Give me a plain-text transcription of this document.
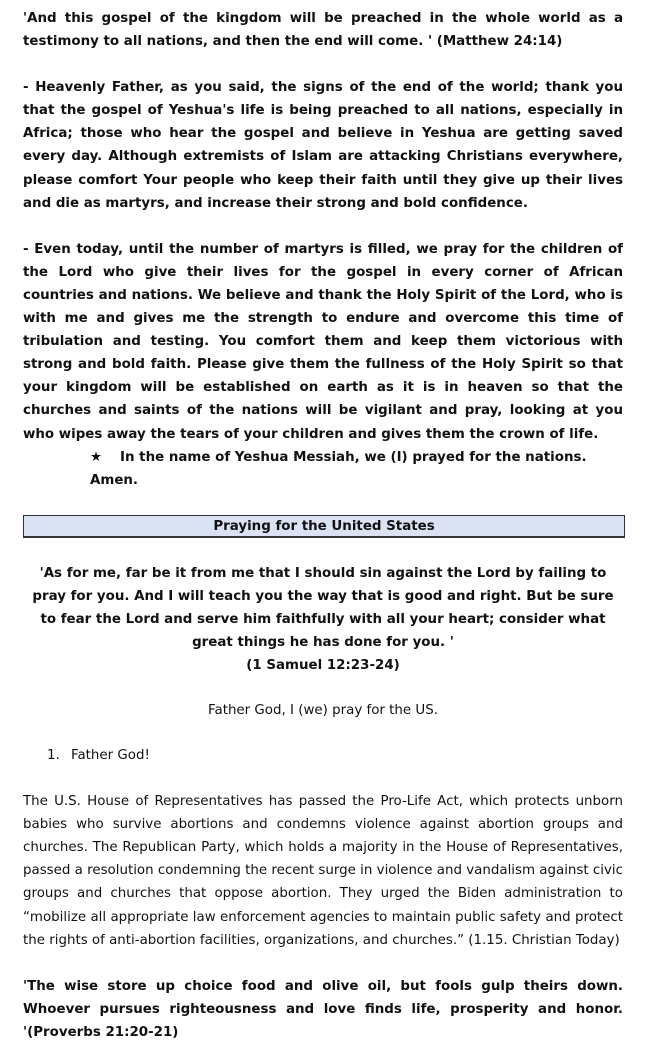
'And this gospel of the kingdom will be preached in the whole world as a testimony to all nations, and then the end will come. ' (Matthew 24:14)

- Heavenly Father, as you said, the signs of the end of the world; thank you that the gospel of Yeshua's life is being preached to all nations, especially in Africa; those who hear the gospel and believe in Yeshua are getting saved every day. Although extremists of Islam are attacking Christians everywhere, please comfort Your people who keep their faith until they give up their lives and die as martyrs, and increase their strong and bold confidence.

- Even today, until the number of martyrs is filled, we pray for the children of the Lord who give their lives for the gospel in every corner of African countries and nations. We believe and thank the Holy Spirit of the Lord, who is with me and gives me the strength to endure and overcome this time of tribulation and testing. You comfort them and keep them victorious with strong and bold faith. Please give them the fullness of the Holy Spirit so that your kingdom will be established on earth as it is in heaven so that the churches and saints of the nations will be vigilant and pray, looking at you who wipes away the tears of your children and gives them the crown of life.

★ In the name of Yeshua Messiah, we (I) prayed for the nations. Amen.

Praying for the United States

'As for me, far be it from me that I should sin against the Lord by failing to pray for you. And I will teach you the way that is good and right. But be sure to fear the Lord and serve him faithfully with all your heart; consider what great things he has done for you. '
(1 Samuel 12:23-24)

Father God, I (we) pray for the US.

1. Father God!

The U.S. House of Representatives has passed the Pro-Life Act, which protects unborn babies who survive abortions and condemns violence against abortion groups and churches. The Republican Party, which holds a majority in the House of Representatives, passed a resolution condemning the recent surge in violence and vandalism against civic groups and churches that oppose abortion. They urged the Biden administration to “mobilize all appropriate law enforcement agencies to maintain public safety and protect the rights of anti-abortion facilities, organizations, and churches.” (1.15. Christian Today)

'The wise store up choice food and olive oil, but fools gulp theirs down. Whoever pursues righteousness and love finds life, prosperity and honor. '(Proverbs 21:20-21)
